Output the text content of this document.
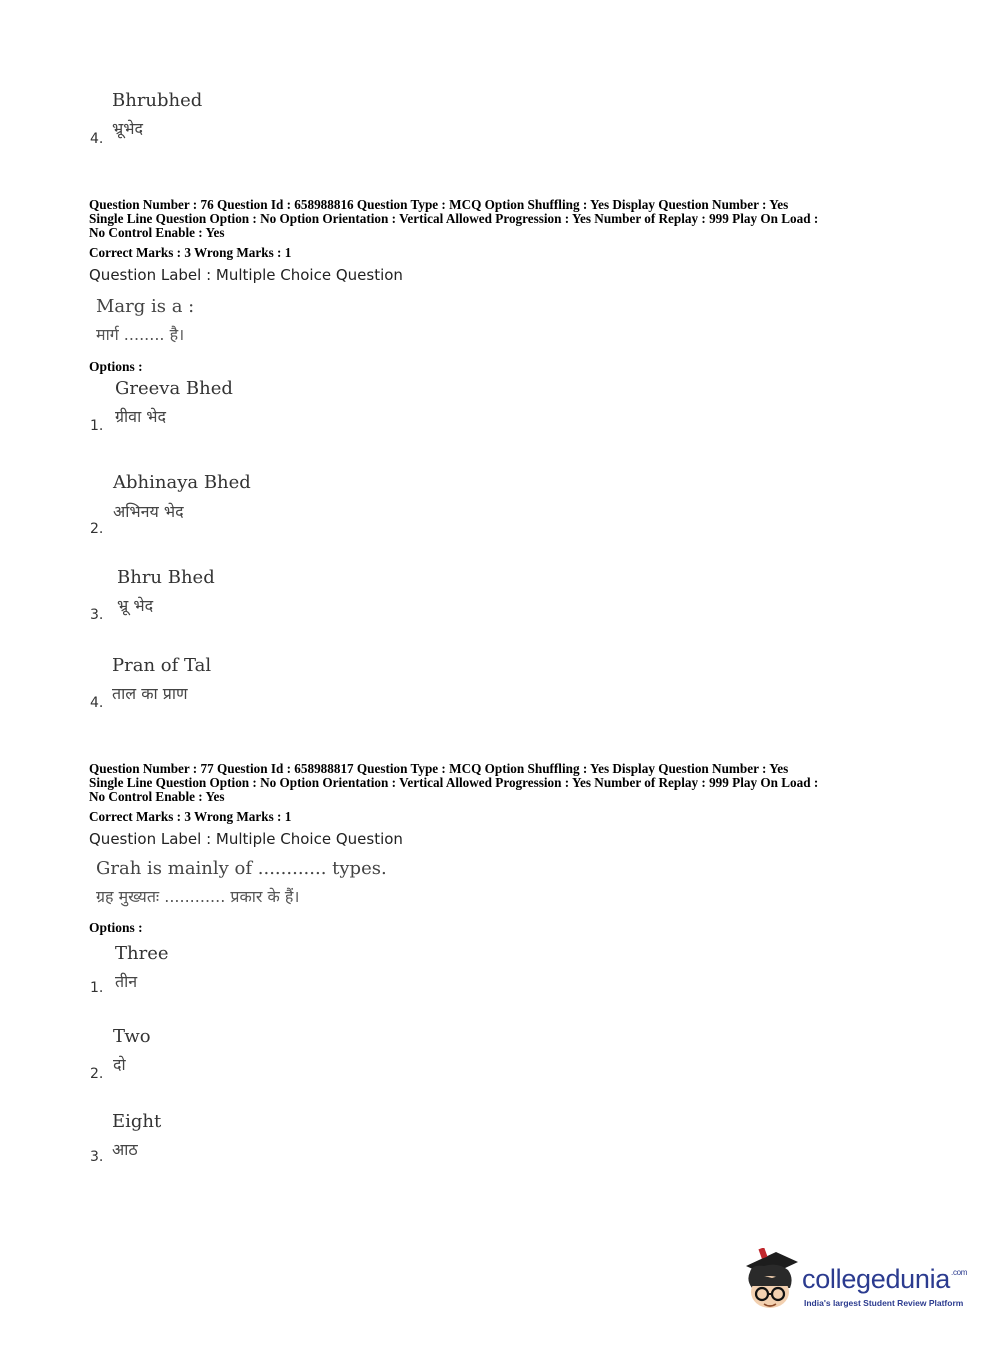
Bhrubhed
भ्रूभेद
4.
Question Number : 76 Question Id : 658988816 Question Type : MCQ Option Shuffling : Yes Display Question Number : Yes
Single Line Question Option : No Option Orientation : Vertical Allowed Progression : Yes Number of Replay : 999 Play On Load :
No Control Enable : Yes
Correct Marks : 3 Wrong Marks : 1
Question Label : Multiple Choice Question
Marg is a :
मार्ग ........ है।
Options :
Greeva Bhed
ग्रीवा भेद
1.
Abhinaya Bhed
अभिनय भेद
2.
Bhru Bhed
भ्रू भेद
3.
Pran of Tal
ताल का प्राण
4.
Question Number : 77 Question Id : 658988817 Question Type : MCQ Option Shuffling : Yes Display Question Number : Yes
Single Line Question Option : No Option Orientation : Vertical Allowed Progression : Yes Number of Replay : 999 Play On Load :
No Control Enable : Yes
Correct Marks : 3 Wrong Marks : 1
Question Label : Multiple Choice Question
Grah is mainly of ............ types.
ग्रह मुख्यतः ............ प्रकार के हैं।
Options :
Three
तीन
1.
Two
दो
2.
Eight
आठ
3.
collegedunia$^{.com}$
India's largest Student Review Platform
